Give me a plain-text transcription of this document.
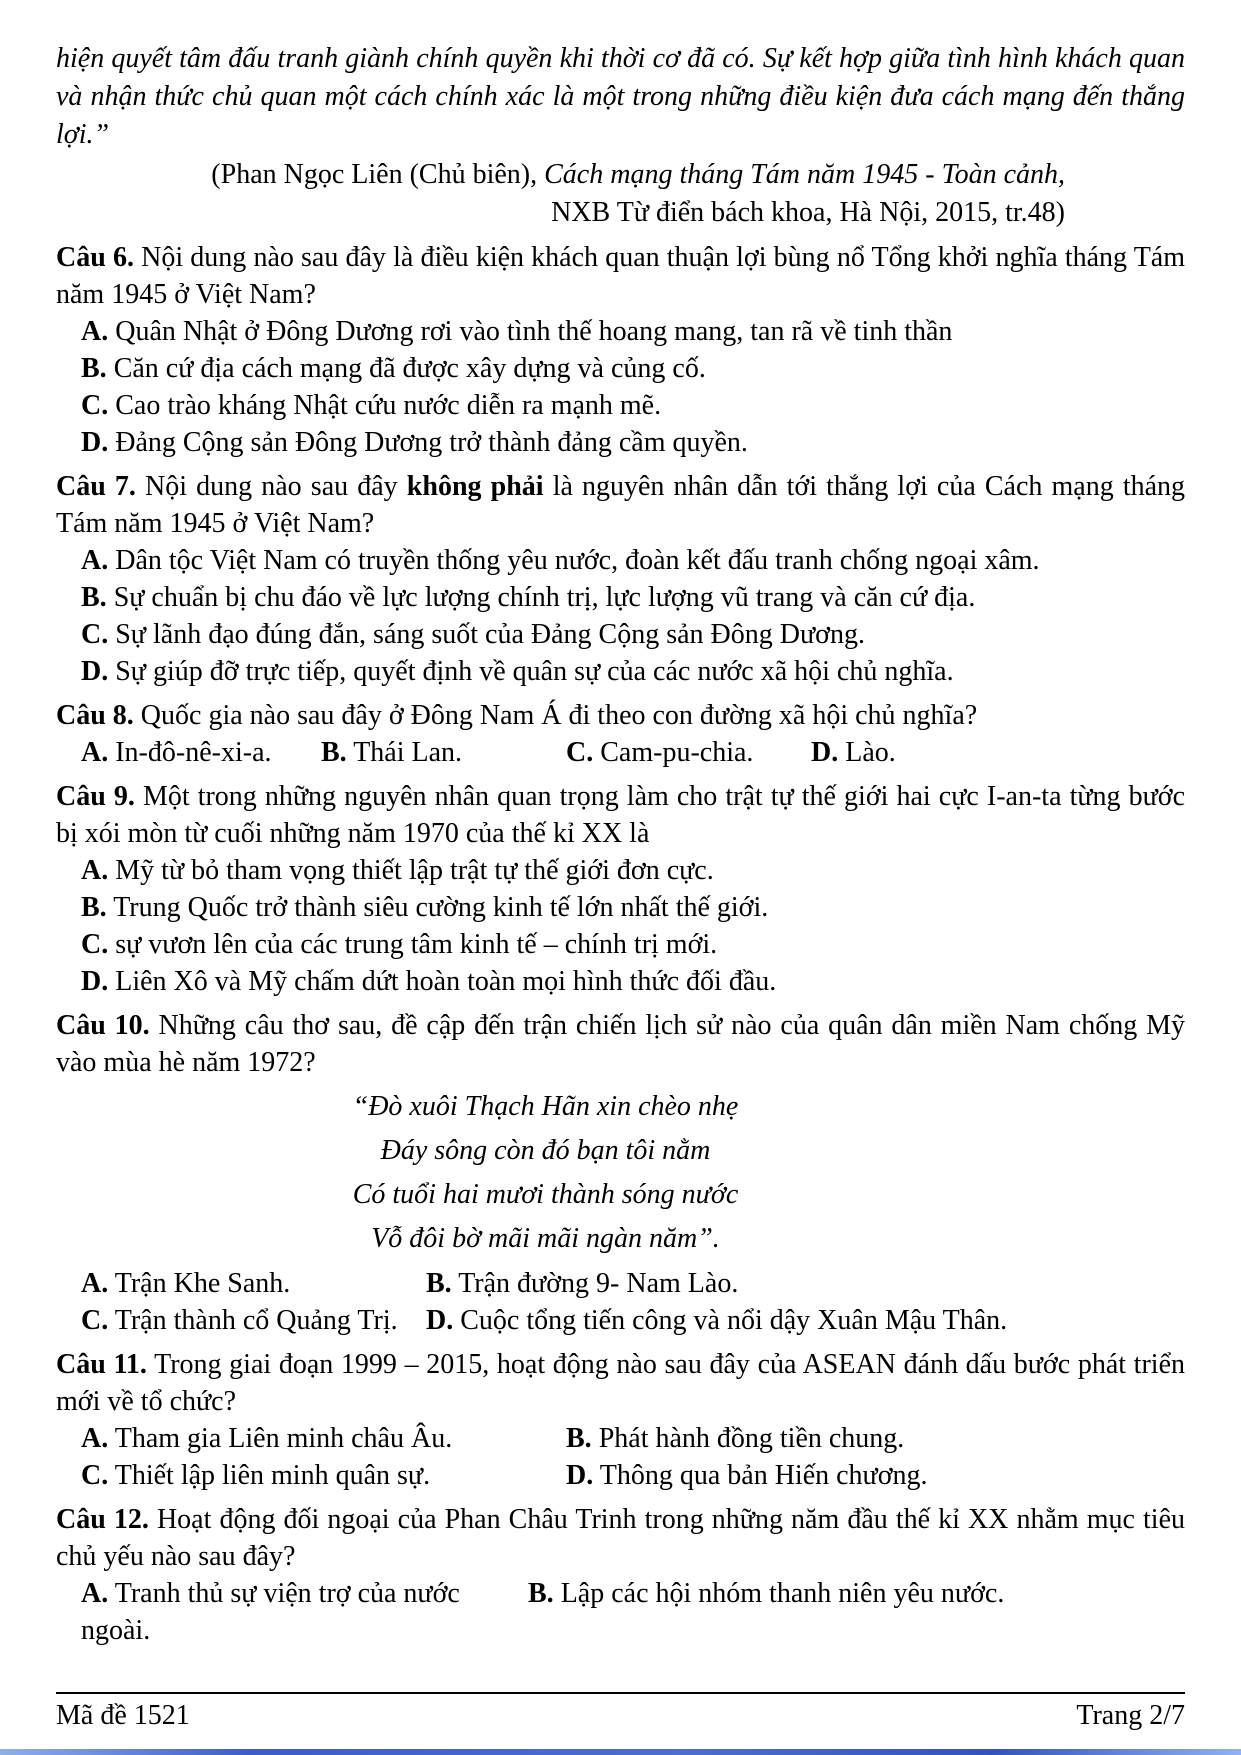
hiện quyết tâm đấu tranh giành chính quyền khi thời cơ đã có. Sự kết hợp giữa tình hình khách quan và nhận thức chủ quan một cách chính xác là một trong những điều kiện đưa cách mạng đến thắng lợi.”

(Phan Ngọc Liên (Chủ biên), Cách mạng tháng Tám năm 1945 - Toàn cảnh,
NXB Từ điển bách khoa, Hà Nội, 2015, tr.48)

Câu 6. Nội dung nào sau đây là điều kiện khách quan thuận lợi bùng nổ Tổng khởi nghĩa tháng Tám năm 1945 ở Việt Nam?

A. Quân Nhật ở Đông Dương rơi vào tình thế hoang mang, tan rã về tinh thần
B. Căn cứ địa cách mạng đã được xây dựng và củng cố.
C. Cao trào kháng Nhật cứu nước diễn ra mạnh mẽ.
D. Đảng Cộng sản Đông Dương trở thành đảng cầm quyền.

Câu 7. Nội dung nào sau đây không phải là nguyên nhân dẫn tới thắng lợi của Cách mạng tháng Tám năm 1945 ở Việt Nam?

A. Dân tộc Việt Nam có truyền thống yêu nước, đoàn kết đấu tranh chống ngoại xâm.
B. Sự chuẩn bị chu đáo về lực lượng chính trị, lực lượng vũ trang và căn cứ địa.
C. Sự lãnh đạo đúng đắn, sáng suốt của Đảng Cộng sản Đông Dương.
D. Sự giúp đỡ trực tiếp, quyết định về quân sự của các nước xã hội chủ nghĩa.

Câu 8. Quốc gia nào sau đây ở Đông Nam Á đi theo con đường xã hội chủ nghĩa?

A. In-đô-nê-xi-a.	B. Thái Lan.	C. Cam-pu-chia.	D. Lào.

Câu 9. Một trong những nguyên nhân quan trọng làm cho trật tự thế giới hai cực I-an-ta từng bước bị xói mòn từ cuối những năm 1970 của thế kỉ XX là

A. Mỹ từ bỏ tham vọng thiết lập trật tự thế giới đơn cực.
B. Trung Quốc trở thành siêu cường kinh tế lớn nhất thế giới.
C. sự vươn lên của các trung tâm kinh tế – chính trị mới.
D. Liên Xô và Mỹ chấm dứt hoàn toàn mọi hình thức đối đầu.

Câu 10. Những câu thơ sau, đề cập đến trận chiến lịch sử nào của quân dân miền Nam chống Mỹ vào mùa hè năm 1972?

“Đò xuôi Thạch Hãn xin chèo nhẹ
Đáy sông còn đó bạn tôi nằm
Có tuổi hai mươi thành sóng nước
Vỗ đôi bờ mãi mãi ngàn năm”.
A. Trận Khe Sanh.	B. Trận đường 9- Nam Lào.
C. Trận thành cổ Quảng Trị.	D. Cuộc tổng tiến công và nổi dậy Xuân Mậu Thân.

Câu 11. Trong giai đoạn 1999 – 2015, hoạt động nào sau đây của ASEAN đánh dấu bước phát triển mới về tổ chức?

A. Tham gia Liên minh châu Âu.	B. Phát hành đồng tiền chung.
C. Thiết lập liên minh quân sự.	D. Thông qua bản Hiến chương.

Câu 12. Hoạt động đối ngoại của Phan Châu Trinh trong những năm đầu thế kỉ XX nhằm mục tiêu chủ yếu nào sau đây?

A. Tranh thủ sự viện trợ của nước ngoài.
B. Lập các hội nhóm thanh niên yêu nước.
Mã đề 1521	Trang 2/7
